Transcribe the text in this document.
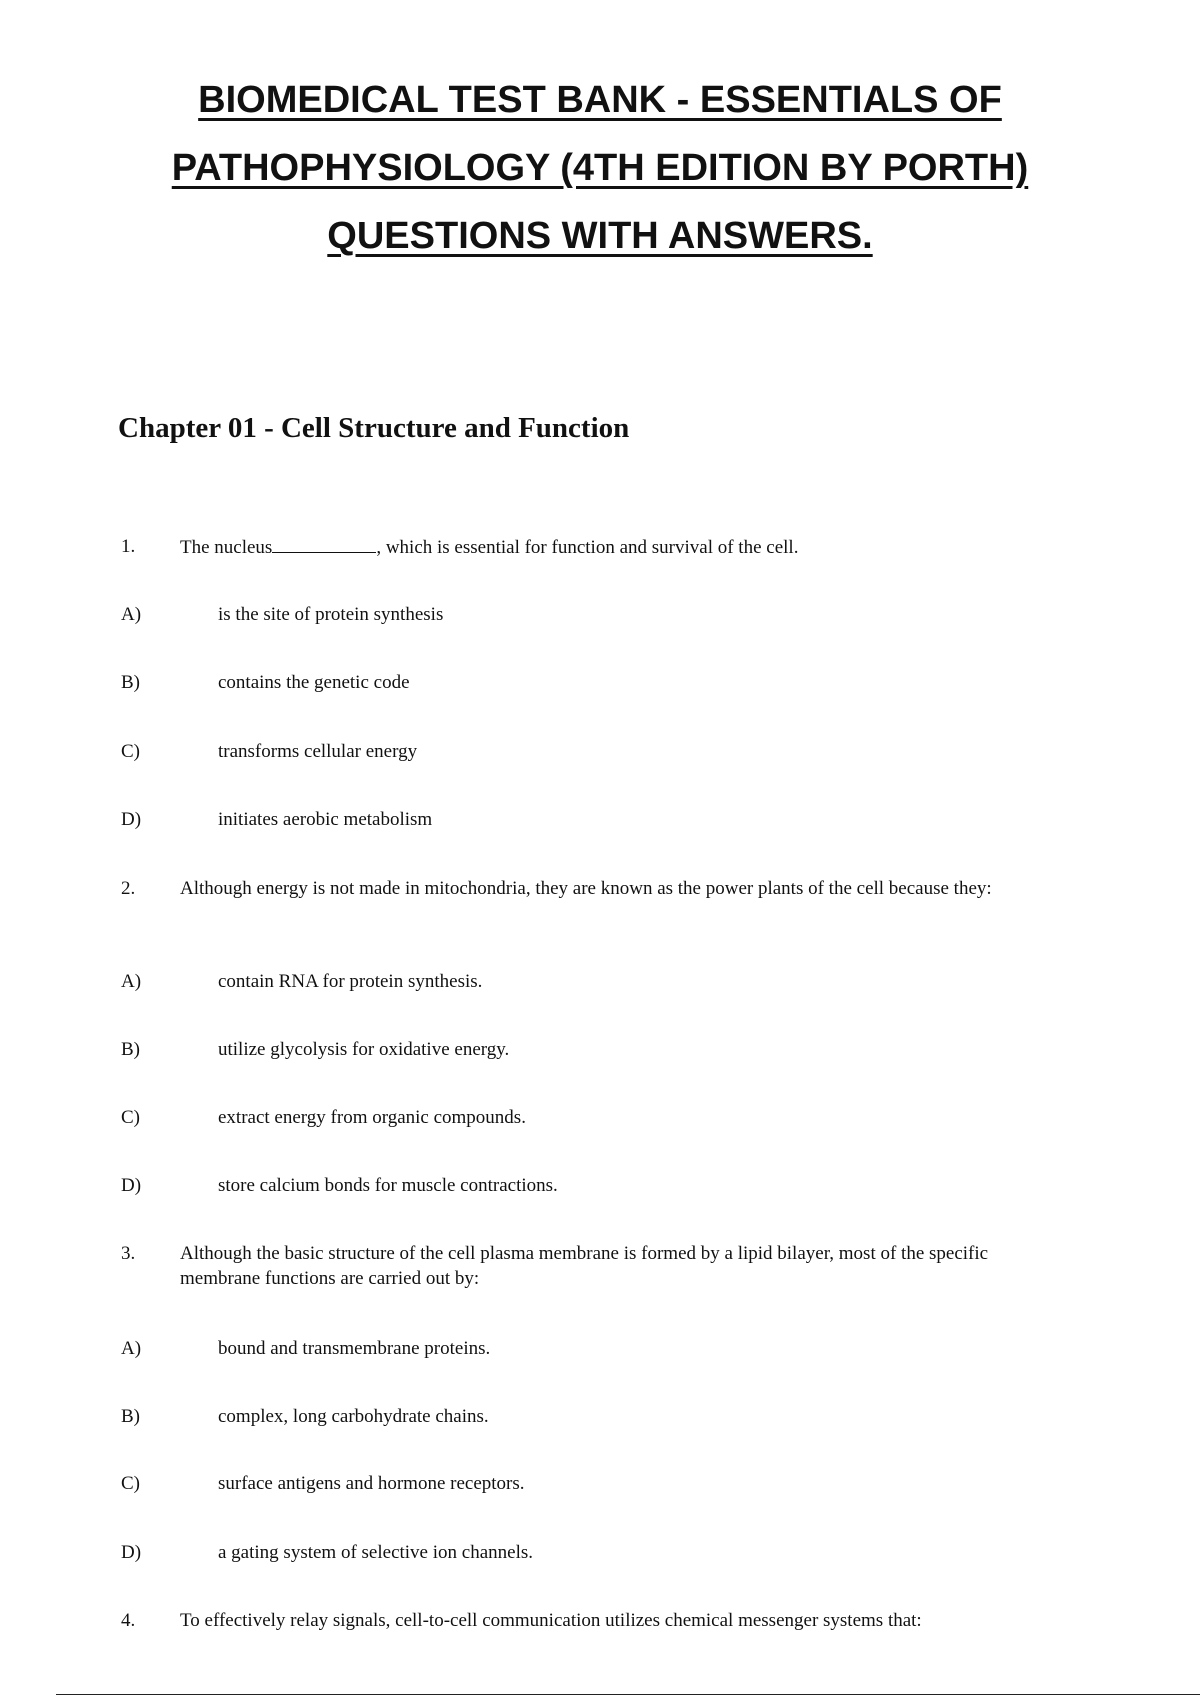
BIOMEDICAL TEST BANK - ESSENTIALS OF
PATHOPHYSIOLOGY (4TH EDITION BY PORTH)
QUESTIONS WITH ANSWERS.
Chapter 01 - Cell Structure and Function
1. The nucleus	, which is essential for function and survival of the cell.
A)	is the site of protein synthesis
B)	contains the genetic code
C)	transforms cellular energy
D)	initiates aerobic metabolism
2. Although energy is not made in mitochondria, they are known as the power plants of the cell because they:
A)	contain RNA for protein synthesis.
B)	utilize glycolysis for oxidative energy.
C)	extract energy from organic compounds.
D)	store calcium bonds for muscle contractions.
3. Although the basic structure of the cell plasma membrane is formed by a lipid bilayer, most of the specific membrane functions are carried out by:
A)	bound and transmembrane proteins.
B)	complex, long carbohydrate chains.
C)	surface antigens and hormone receptors.
D)	a gating system of selective ion channels.
4. To effectively relay signals, cell-to-cell communication utilizes chemical messenger systems that:
